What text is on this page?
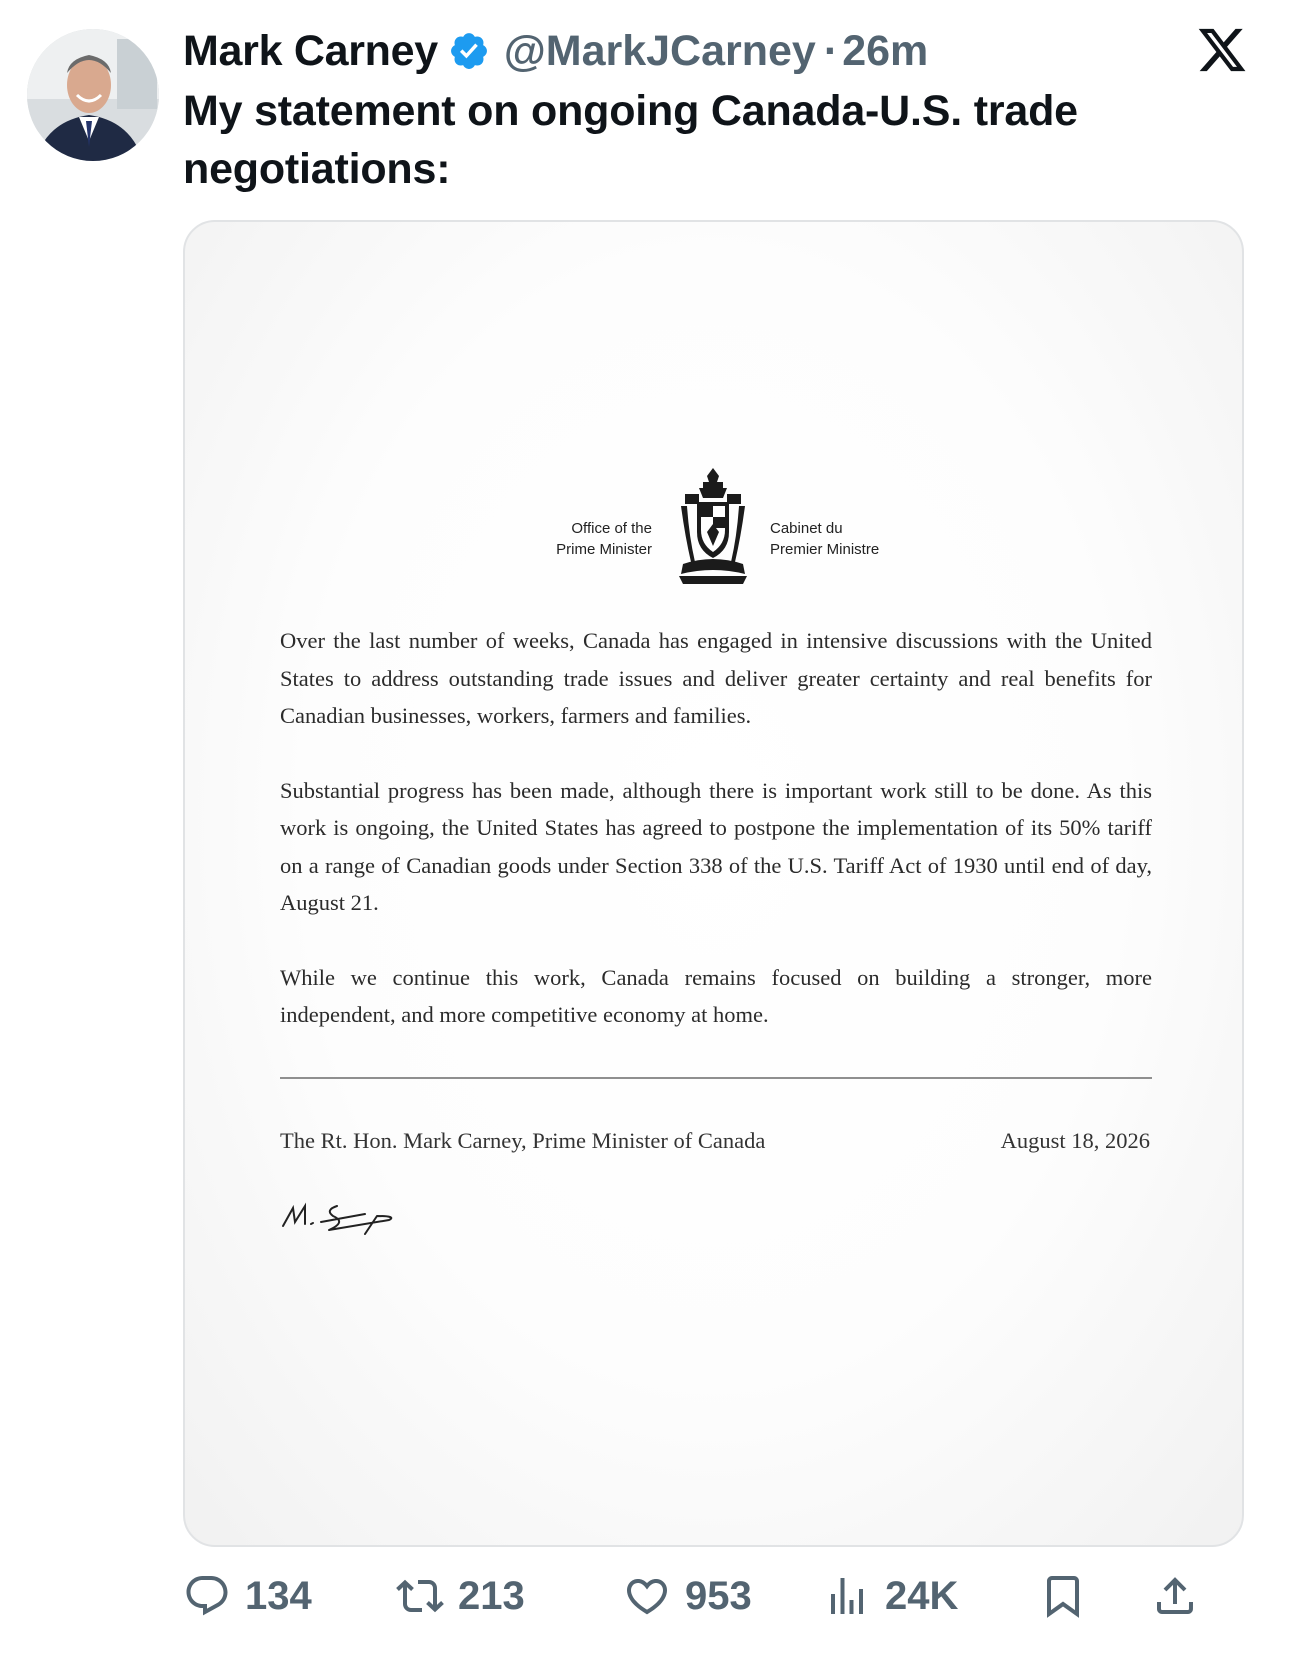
Mark Carney @MarkJCarney · 26m
My statement on ongoing Canada-U.S. trade negotiations:
Office of the
Prime Minister
Cabinet du
Premier Ministre

Over the last number of weeks, Canada has engaged in intensive discussions with the United States to address outstanding trade issues and deliver greater certainty and real benefits for Canadian businesses, workers, farmers and families.

Substantial progress has been made, although there is important work still to be done. As this work is ongoing, the United States has agreed to postpone the implementation of its 50% tariff on a range of Canadian goods under Section 338 of the U.S. Tariff Act of 1930 until end of day, August 21.

While we continue this work, Canada remains focused on building a stronger, more independent, and more competitive economy at home.

The Rt. Hon. Mark Carney, Prime Minister of Canada	August 18, 2026
134	213	953	24K
